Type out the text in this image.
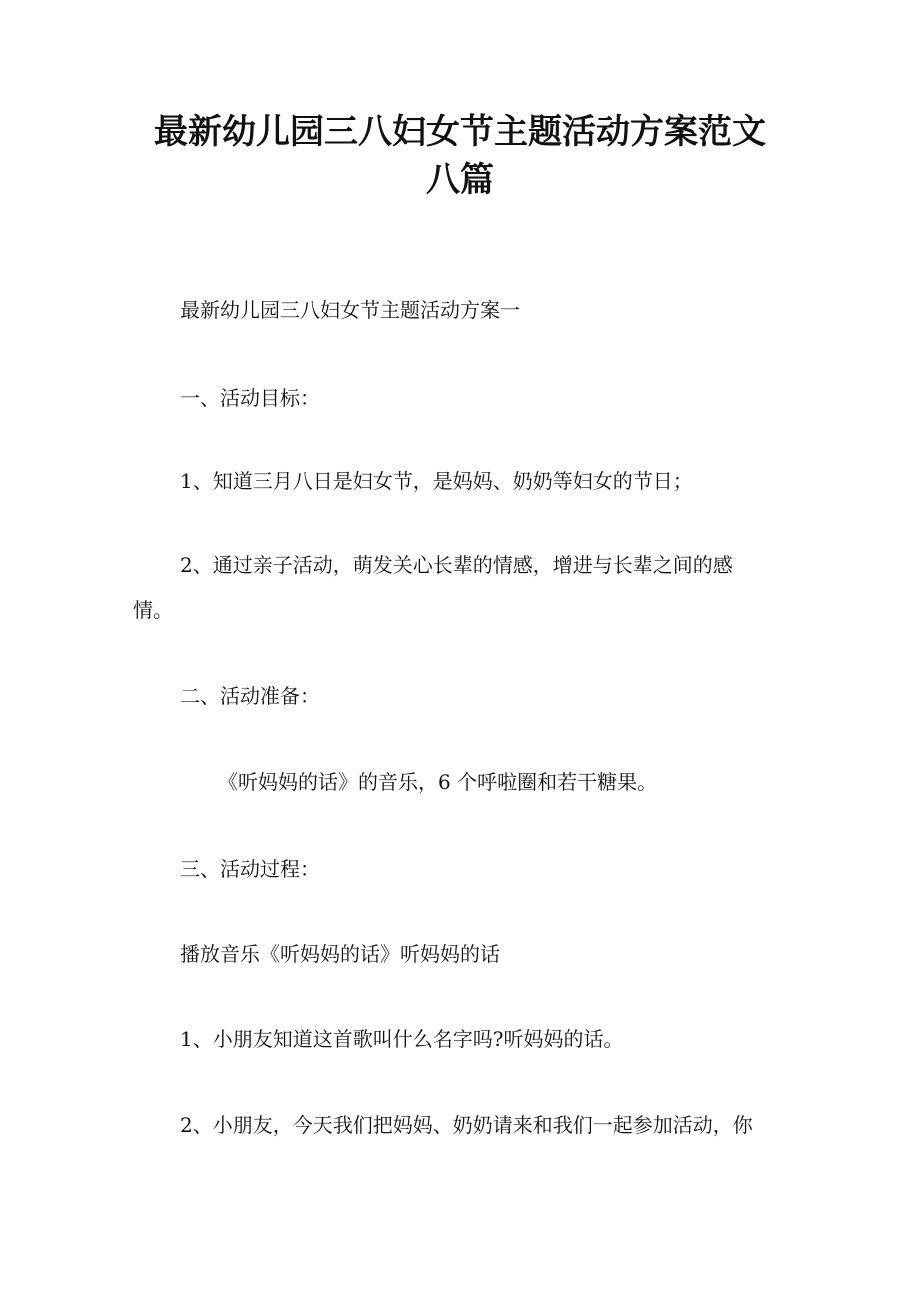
最新幼儿园三八妇女节主题活动方案范文
八篇
最新幼儿园三八妇女节主题活动方案一
一、活动目标：
1、知道三月八日是妇女节，是妈妈、奶奶等妇女的节日；
2、通过亲子活动，萌发关心长辈的情感，增进与长辈之间的感
情。
二、活动准备：
《听妈妈的话》的音乐，6 个呼啦圈和若干糖果。
三、活动过程：
播放音乐《听妈妈的话》听妈妈的话
1、小朋友知道这首歌叫什么名字吗?听妈妈的话。
2、小朋友，今天我们把妈妈、奶奶请来和我们一起参加活动，你
